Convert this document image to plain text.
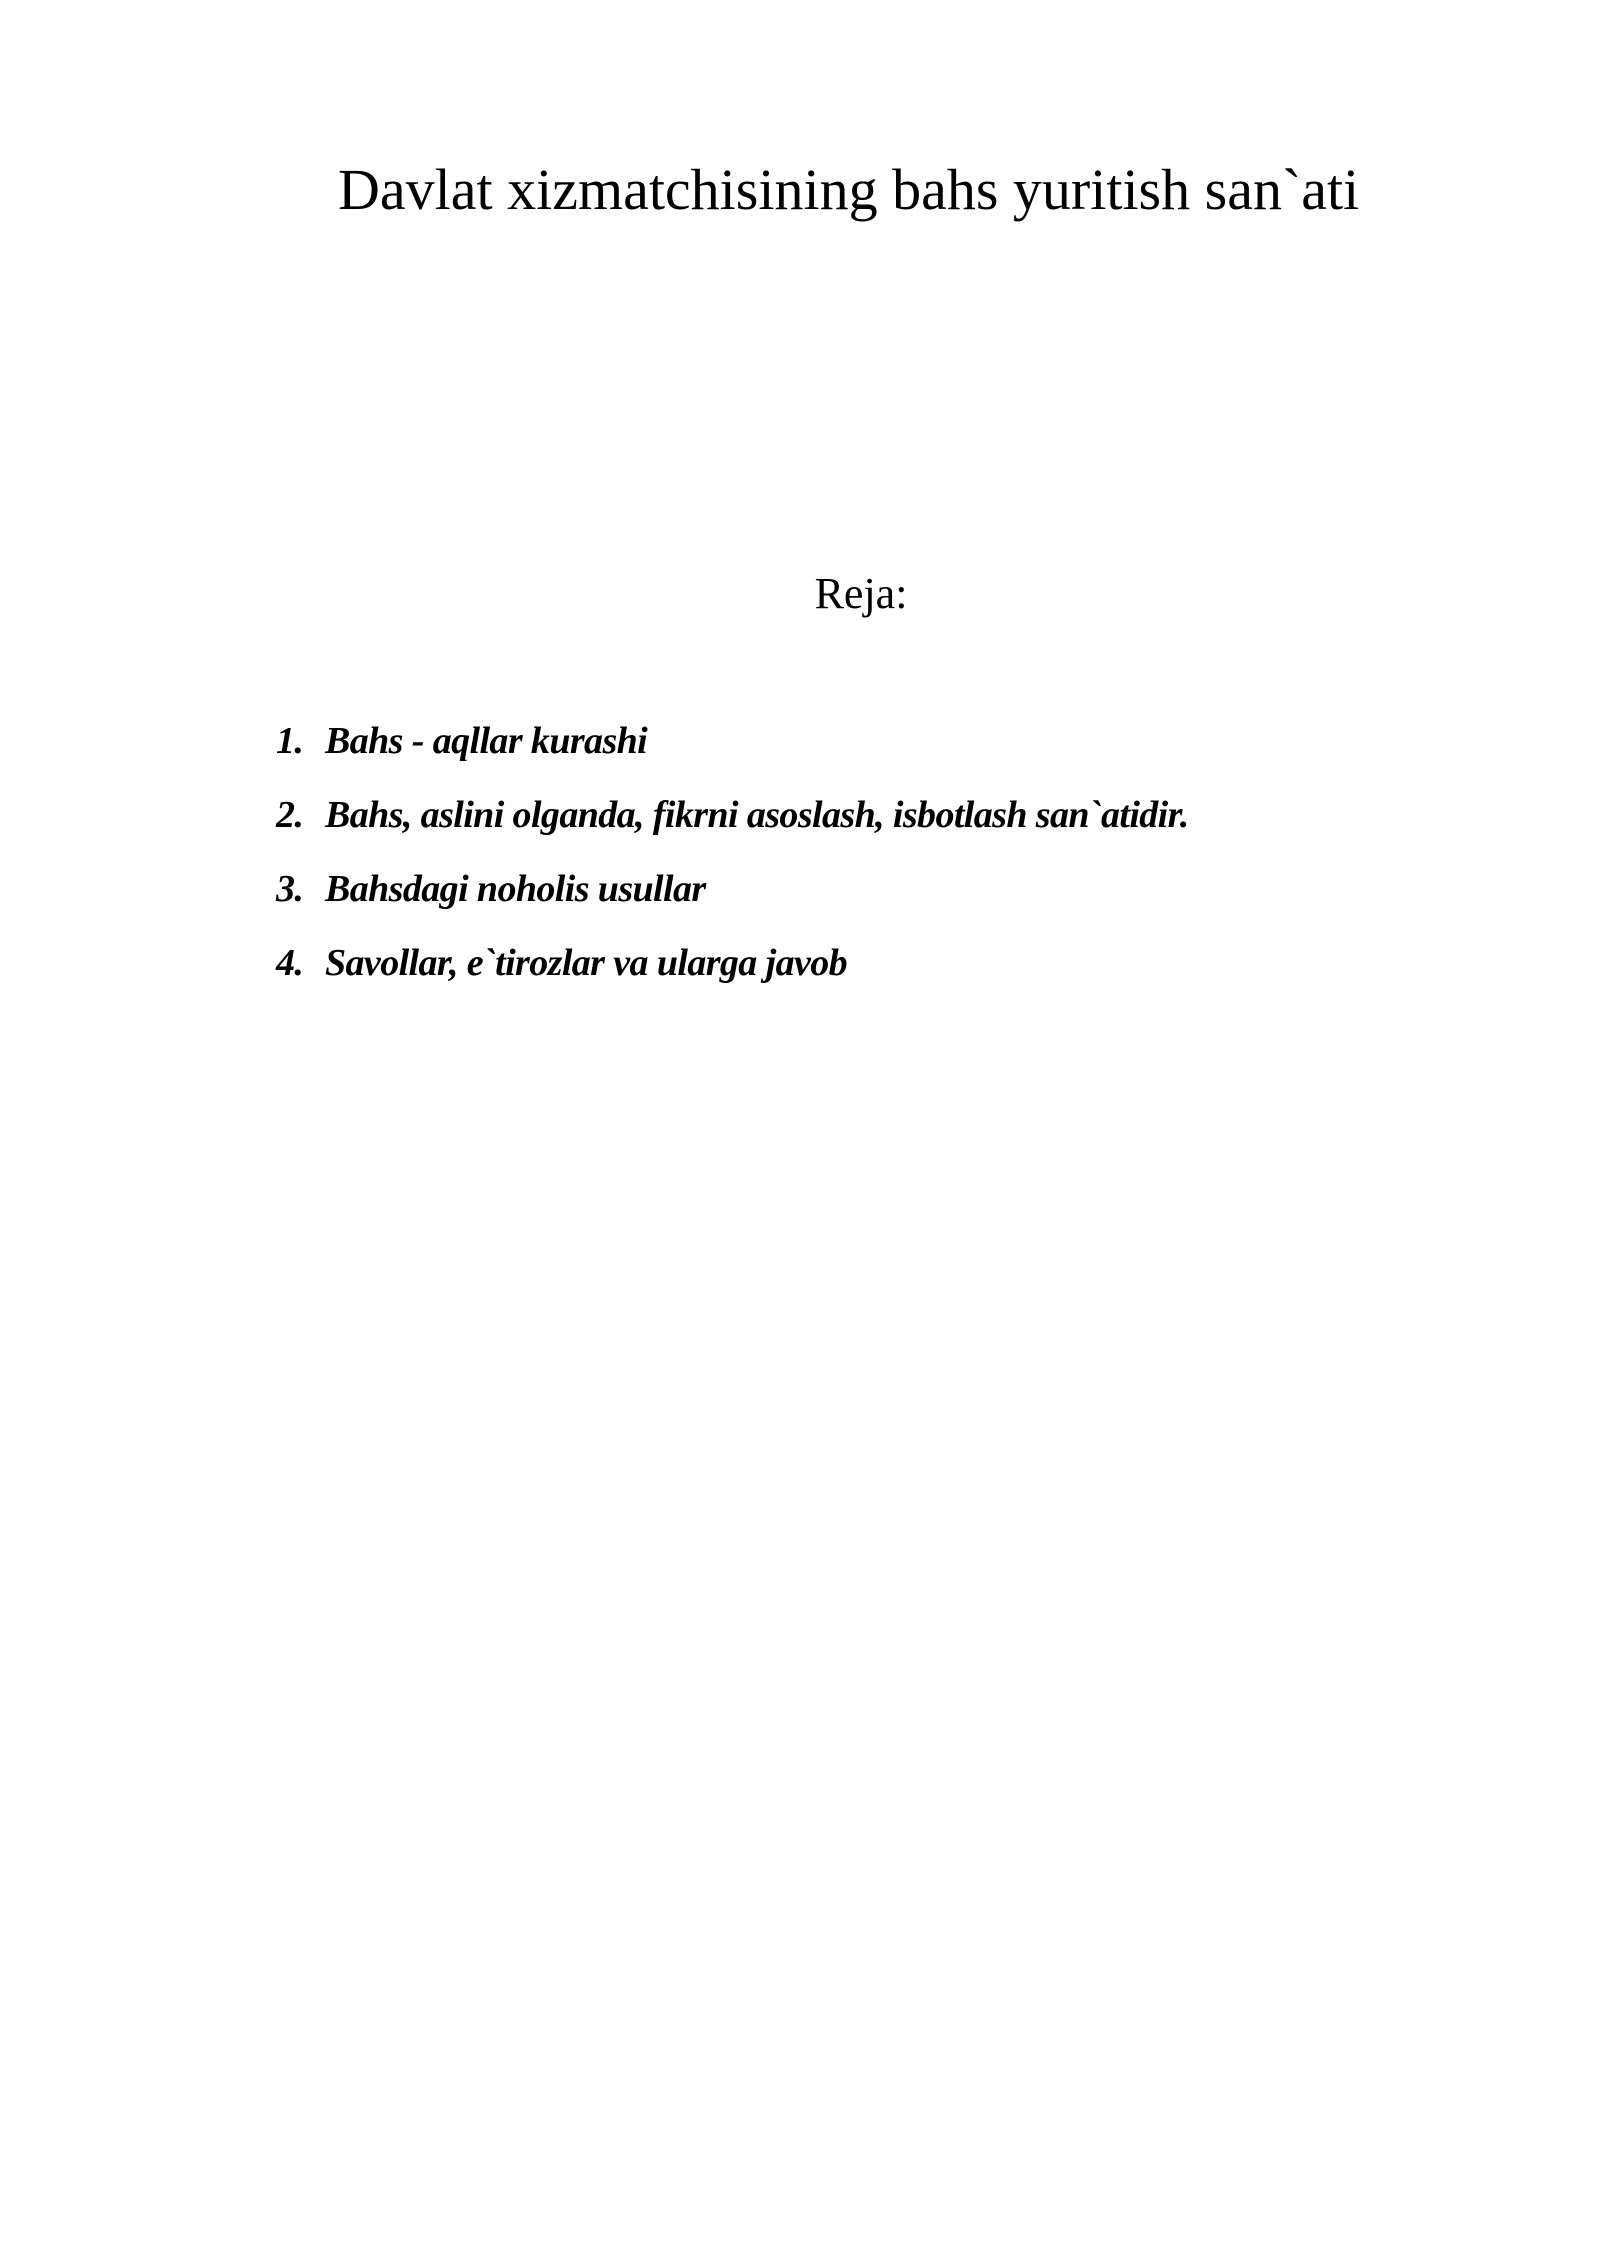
Davlat xizmatchisining bahs yuritish san`ati
Reja:
1. Bahs - aqllar kurashi
2. Bahs, aslini olganda, fikrni asoslash, isbotlash san`atidir.
3. Bahsdagi noholis usullar
4. Savollar, e`tirozlar va ularga javob
